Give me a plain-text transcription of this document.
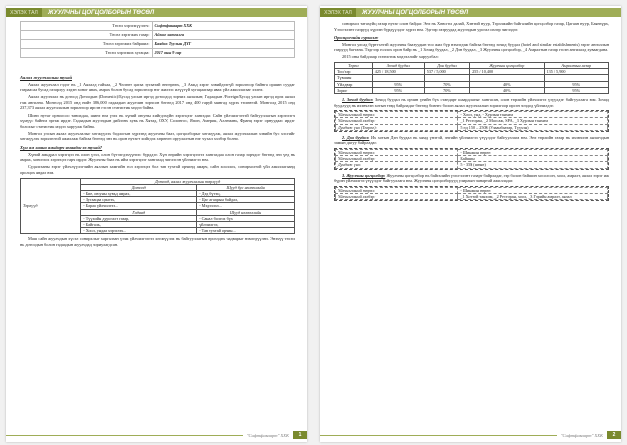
ХЭЛЭХ ТАЛ	ЖУУЛЧНЫ ЦОГЦОЛБОРЫН ТӨСӨЛ
Төсөл хэрэгжүүлэгч:	Сифтфакаарт ХХК
Төсөл хэрэгжих газар:	Аймаг хатгалга
Төсөл хэрэгжих байршил:	Баядах Туулын ДҮГ
Төсөл хэрэгжих хугацаа:	2017 оны 9 сар

Аялал жуулчлалын тухай

Аялал жуулчлал гэдэг нь _1 Аялалд гайхаа, _2 Чөлөөт цагаа зугаатай өнгөрөөх, _3 Амьд хэрэг хэвийдээгүй зорилгоор байнга оршин суудаг газраасаа бусад газарлуу хэдэн хоног явах, амрах болон бусад зорилгоор нэг жилээс илүүгүй хугацаагаар явах үйл ажиллагааг хэлнэ.

Аялал жуулчлал нь дотоод Дотоодын (Domestic)/Бусад улсын иргэд дотоодод зорчих аялалын; Гадаадын /Foreign/Бусад улсын иргэд ирэх аялал гэж ангилна. Монголд 2015 онд нийт 386,000 гадаадын жуулчин зорчсон бөгөөд 2017 онд 400 гаруй мянгад хүрэх төлөвтэй. Монголд 2015 онд 237,373 аялал жуулчлалын зорилгоор ирсэн гэсэн статистик мэдээ байна.

Шинэ нутаг орноосоо танихдаа, шинэ юм үзэх нь хүний оюуны хийгдэхүйн хэрэгцээг хангадаг. Сайн үйлчилгээтэй байгууллагын хэрэглэгч хүмүүс байнга эргэж ирдэг. Гадаадын жуулчдын дийлэнх хувь нь Хятад, ОХУ, Солонгос, Япон, Америк, Аллемань, Франц зэрэг орнуудаас ирдэг болохыг статистик мэдээ харуулж байна.

Монгол улсын аялал жуулчлалыг хөгжүүлэх бодлогын хүрээнд жуулчны бааз, цогцолборыг хөгжүүлж, аялал жуулчлалын хэвийн бус хэсгийг хөгжүүлэх зорилготой ажиллаж байгаа бөгөөд энэ нь орон нутагт хийгдэх хөрөнгө оруулалтын нэг чухал хэлбэр болно.

Хүн ам хаана амьдарч ямаадаг вэ тухай?

Хүний амьдрал хэрэгцээ нь олон үзэл, олон бүтээгдэхүүнээс бүрддэг. Хүн өөрийн хэрэгцээгээ хангахдаа олон газар зорчдог бөгөөд энэ үед нь амрах, хоноглох хэрэгцээ гарч ирдэг. Жуулчны бааз нь ийм хэрэгцээг хангахад чиглэсэн үйлчилгээ юм.

Судалгааны зэрэг үйлчлүүлэгчийн аяллын хамгийн гол хэрэгцээ бол тав тухтай орчинд амарч, сайн хооллох, сонирхолтой үйл ажиллагаанд оролцох явдал юм.

Төрлүүд	Дотоод, аялал жуулчлалын төрлүүд	
	Дотоод	Шууд бус нөлөөллийн
	- Бие, оюуны хувьд амрах,	- Дэд бүтэц,
	- Зугаацаа цэнгэх,	- Цаг агаарын байдал,
	- Бараа үйлчилгээ...	- Мэдээлэл...
	Гадаад	Шууд нөлөөллийн
	- Түүхийн дурсгалт газар,	- Санал болгох бүх
	- Байгаль,	үйлчилгээ,
	- Хоол, ундаа хэрэглэх...	- Тав тухтай орчин...

Маш сайн жуулчдын хүсэл сонирхлыг харгалзан үзэж үйлчилгээгээ хөгжүүлэх нь байгууллагын өрсөлдөх чадварыг нэмэгдүүлнэ. Энэхүү төсөл нь дотоодын болон гадаадын жуулчдад зориулагдсан.

"Сифтфакаарт" ХХК	1
ХЭЛЭХ ТАЛ	ЖУУЛЧНЫ ЦОГЦОЛБОРЫН ТӨСӨЛ

сонирхол татахуйц газар нутаг олон байдаг. Энэ нь Хөвсгөл далай, Хэнтий нуур, Тэрэлжийн байгалийн цогцолбор газар, Цагаан нуур, Баянзүрх, Үзэсгэлэнт газрууд хүрээн бүрдүүлдэг хүрээ юм. Эдгээр газруудад жуулчдын урсгал ихээр чиглэдэг.

Оролцогчийн сурвалж

Монгол улсад бүртгэлтэй жуулчны баазуудын тоо жил бүр нэмэгдэж байгаа бөгөөд зочид буудал (hotel and similar establishments) зэрэг ангиллын газрууд багтана. Тэдгээр голлох орон байр нь _1 Зочид буудал, _2 Дэн буудал, _3 Жуулчны цогцолбор, _4 Амралтын газар гэсэн ангилалд хуваагдана.

2015 оны байдлаар статистик мэдээллийг харуулбал:

Төрөл	Зочид буудал	Дэн буудал	Жуулчны цогцолбор	Амралтын газар
Тоо/хэр	425 / 18,500	537 / 5,000	255 / 10,400	135 / 5,900
Түвшин				
Үйлдвэр	95%	70%	40%	95%
Зориг	95%	70%	40%	95%

1. Зочид буудал: Зочид буудал нь орчин үеийн бүх стандарт шаардлагыг хангасан, олон төрлийн үйлчилгээ үзүүлдэг байгууллага юм. Зочид буудлууд нь ихэвчлэн хотын төвд байрладаг бөгөөд бизнес болон аялал жуулчлалын зорилгоор ирсэн зочдод үйлчилдэг.

Үйлчилгээний төрөл:	- Хоол, унд, - Хурлын танхим
Үйлчилгээний хэлбэр:	_1 Ресторан, _2 Массаж, SPA, _3 Хурлын танхим
Дундаж үнэ (Төгрөг):	5 өд 150 – 250$ (Улаанбаатар, Түүхэн)

2. Дэн буудал: Их хотын Дэн буудал нь хямд үнэтэй, энгийн үйлчилгээ үзүүлдэг байгууллага юм. Энэ төрлийн газар нь ихэвчлэн аялагчдын замын дагуу байрладаг.

Үйлчилгээний төрөл:	- Шинжин өөрөө
Үйлчилгээний хэлбэр:	Байшин
Дундаж үнэ:	5 - 35$ (шөнө)

3. Жуулчны цогцолбор: Жуулчны цогцолбор нь байгалийн үзэсгэлэнт газарт байрладаг, гэр болон байшин хосолсон, хоол, амралт, аялал зэрэг иж бүрэн үйлчилгээ үзүүлдэг байгууллага юм. Жуулчны цогцолборууд улирлын чанартай ажилладаг.

Үйлчилгээний төрөл:	- Шинжин өөрөө
Үйлчилгээний хэлбэр:	_1 Хоттой танхим, _2 Ресторан, хоол, _3 Гэрийн амралт, аялал
"Сифтфакаарт" ХХК	2
